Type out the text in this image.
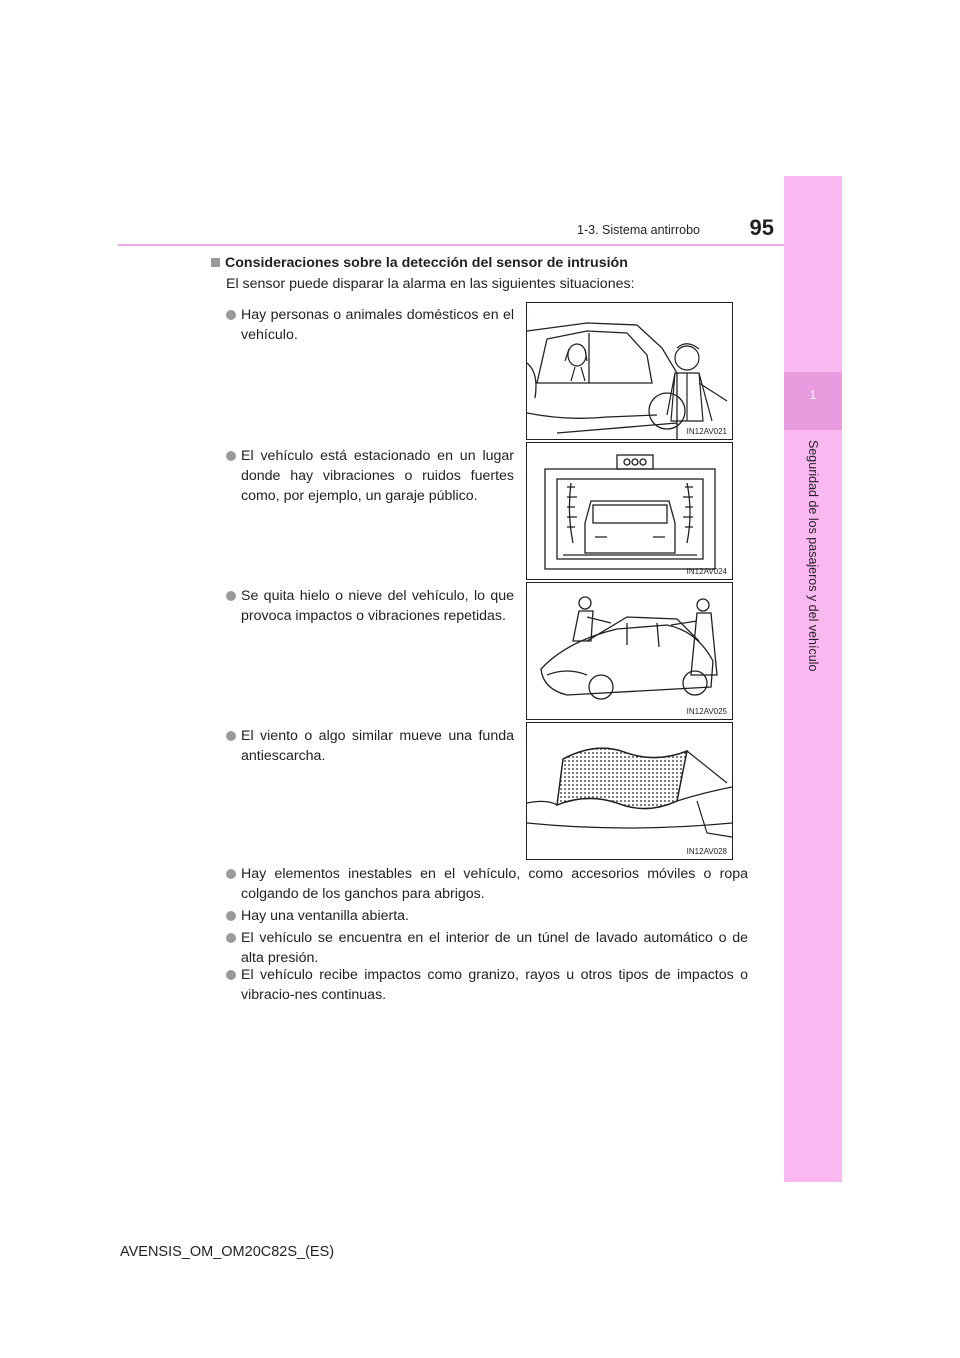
1
Seguridad de los pasajeros y del vehículo
1-3. Sistema antirrobo	95
Consideraciones sobre la detección del sensor de intrusión
El sensor puede disparar la alarma en las siguientes situaciones:
Hay personas o animales domésticos en el vehículo.
El vehículo está estacionado en un lugar donde hay vibraciones o ruidos fuertes como, por ejemplo, un garaje público.
Se quita hielo o nieve del vehículo, lo que provoca impactos o vibraciones repetidas.
El viento o algo similar mueve una funda antiescarcha.
IN12AV021
IN12AV024
IN12AV025
IN12AV028
Hay elementos inestables en el vehículo, como accesorios móviles o ropa colgando de los ganchos para abrigos.
Hay una ventanilla abierta.
El vehículo se encuentra en el interior de un túnel de lavado automático o de alta presión.
El vehículo recibe impactos como granizo, rayos u otros tipos de impactos o vibracio-nes continuas.
AVENSIS_OM_OM20C82S_(ES)
